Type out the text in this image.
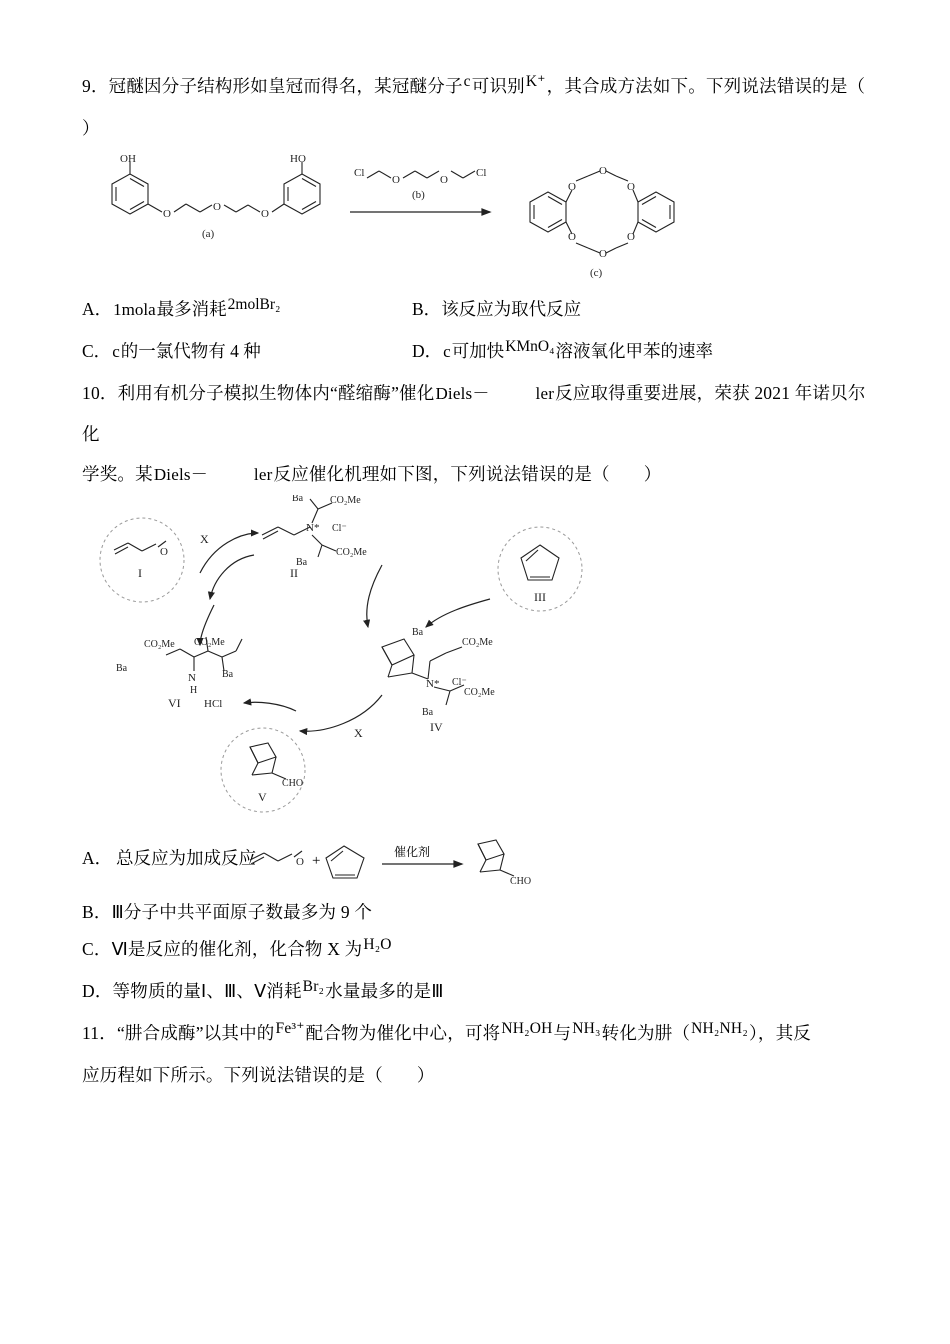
9．冠醚因分子结构形如皇冠而得名，某冠醚分子c可识别K⁺，其合成方法如下。下列说法错误的是（
）
OH	HO
O
O
O
(a)
Cl
O	O
Cl
(b)
O
O
O
O
O
O
(c)
A．1mola最多消耗2molBr₂	B．该反应为取代反应
C．c的一氯代物有 4 种	D．c可加快KMnO₄溶液氧化甲苯的速率
10．利用有机分子模拟生物体内“醛缩酶”催化Diels－	ler反应取得重要进展，荣获 2021 年诺贝尔化
学奖。某Diels－	ler反应催化机理如下图，下列说法错误的是（ ）
O
I
III
CHO
V
N* Cl⁻
CO₂Me
Ba
CO₂Me
Ba
II
N* Cl⁻
Ba
CO₂Me
CO₂Me
Ba
IV
CO₂Me CO₂Me
Ba
N
H
Ba
HCl
VI
X
X
A． 总反应为加成反应	O +
催化剂
CHO
B．Ⅲ分子中共平面原子数最多为 9 个
C．Ⅵ是反应的催化剂，化合物 X 为H₂O
D．等物质的量Ⅰ、Ⅲ、Ⅴ消耗Br₂水量最多的是Ⅲ
11．“肼合成酶”以其中的Fe³⁺配合物为催化中心，可将NH₂OH与NH₃转化为肼（NH₂NH₂），其反
应历程如下所示。下列说法错误的是（ ）
